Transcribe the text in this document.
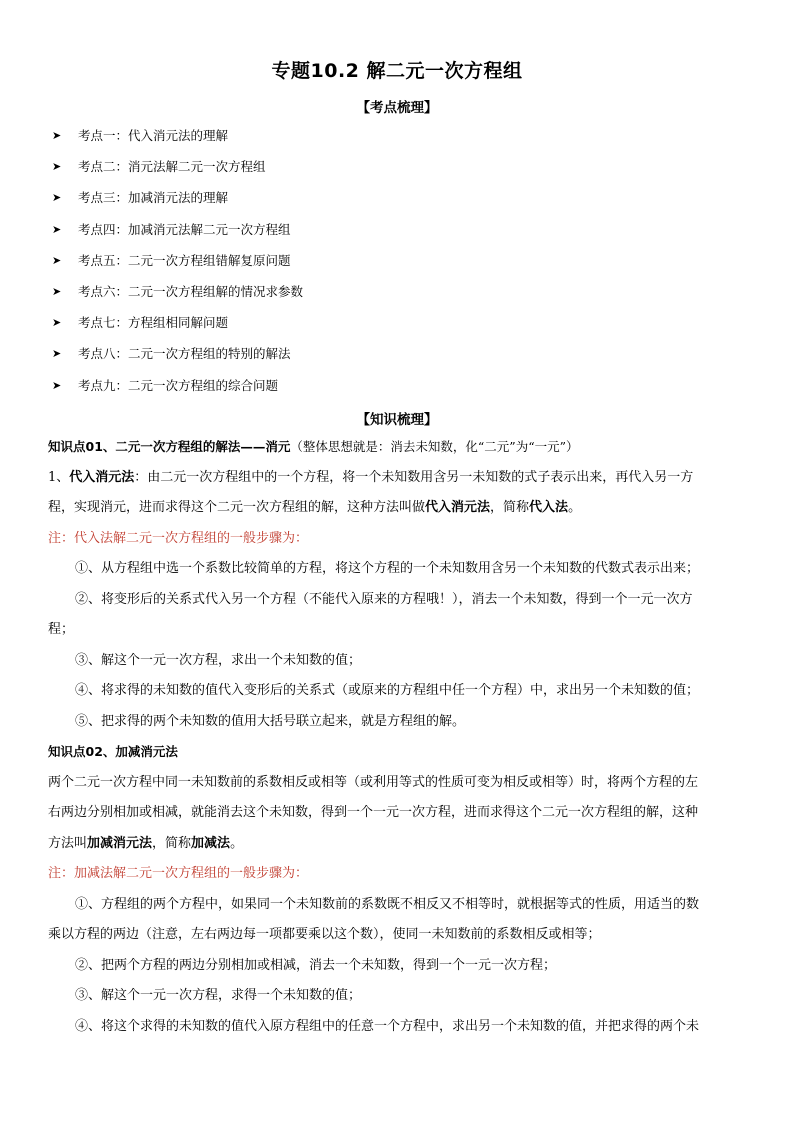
专题10.2 解二元一次方程组
【考点梳理】
➤	考点一：代入消元法的理解
➤	考点二：消元法解二元一次方程组
➤	考点三：加减消元法的理解
➤	考点四：加减消元法解二元一次方程组
➤	考点五：二元一次方程组错解复原问题
➤	考点六：二元一次方程组解的情况求参数
➤	考点七：方程组相同解问题
➤	考点八：二元一次方程组的特别的解法
➤	考点九：二元一次方程组的综合问题
【知识梳理】
知识点01、二元一次方程组的解法——消元（整体思想就是：消去未知数，化“二元”为“一元”）
1、代入消元法：由二元一次方程组中的一个方程，将一个未知数用含另一未知数的式子表示出来，再代入另一方
程，实现消元，进而求得这个二元一次方程组的解，这种方法叫做代入消元法，简称代入法。
注：代入法解二元一次方程组的一般步骤为：
①、从方程组中选一个系数比较简单的方程，将这个方程的一个未知数用含另一个未知数的代数式表示出来；
②、将变形后的关系式代入另一个方程（不能代入原来的方程哦！），消去一个未知数，得到一个一元一次方
程；
③、解这个一元一次方程，求出一个未知数的值；
④、将求得的未知数的值代入变形后的关系式（或原来的方程组中任一个方程）中，求出另一个未知数的值；
⑤、把求得的两个未知数的值用大括号联立起来，就是方程组的解。
知识点02、加减消元法
两个二元一次方程中同一未知数前的系数相反或相等（或利用等式的性质可变为相反或相等）时，将两个方程的左
右两边分别相加或相减，就能消去这个未知数，得到一个一元一次方程，进而求得这个二元一次方程组的解，这种
方法叫加减消元法，简称加减法。
注：加减法解二元一次方程组的一般步骤为：
①、方程组的两个方程中，如果同一个未知数前的系数既不相反又不相等时，就根据等式的性质，用适当的数
乘以方程的两边（注意，左右两边每一项都要乘以这个数），使同一未知数前的系数相反或相等；
②、把两个方程的两边分别相加或相减，消去一个未知数，得到一个一元一次方程；
③、解这个一元一次方程，求得一个未知数的值；
④、将这个求得的未知数的值代入原方程组中的任意一个方程中，求出另一个未知数的值，并把求得的两个未
